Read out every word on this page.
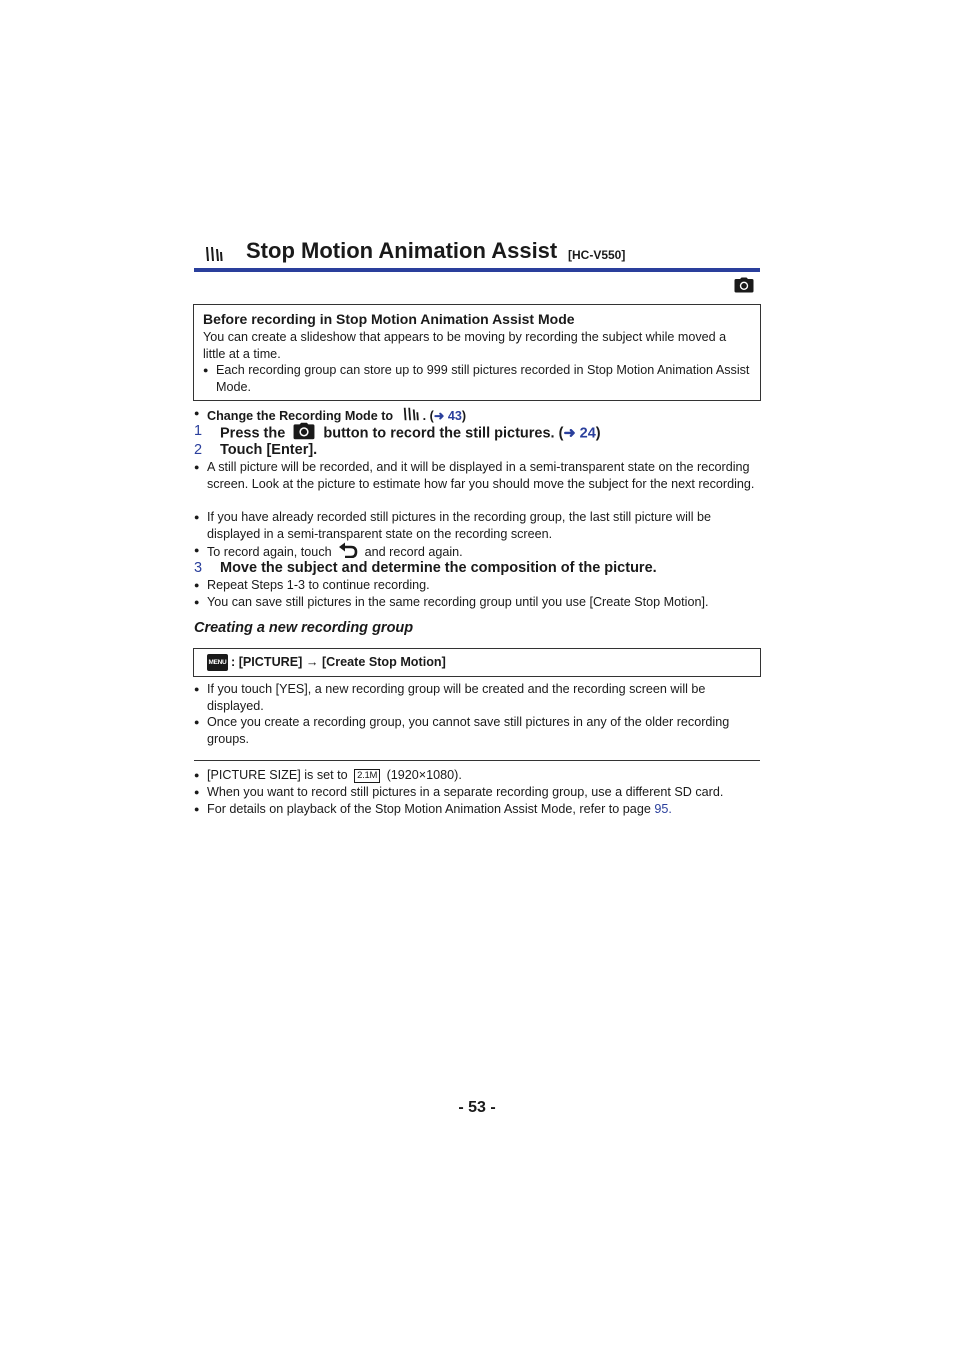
Stop Motion Animation Assist [HC-V550]
Before recording in Stop Motion Animation Assist Mode
You can create a slideshow that appears to be moving by recording the subject while moved a little at a time.
● Each recording group can store up to 999 still pictures recorded in Stop Motion Animation Assist Mode.
● Change the Recording Mode to . (➜ 43)
1 Press the	button to record the still pictures. (➜ 24)
2 Touch [Enter].
● A still picture will be recorded, and it will be displayed in a semi-transparent state on the recording screen. Look at the picture to estimate how far you should move the subject for the next recording.
● If you have already recorded still pictures in the recording group, the last still picture will be displayed in a semi-transparent state on the recording screen.
● To record again, touch	and record again.
3 Move the subject and determine the composition of the picture.
● Repeat Steps 1-3 to continue recording.
● You can save still pictures in the same recording group until you use [Create Stop Motion].
Creating a new recording group
MENU : [PICTURE] → [Create Stop Motion]
● If you touch [YES], a new recording group will be created and the recording screen will be displayed.
● Once you create a recording group, you cannot save still pictures in any of the older recording groups.
● [PICTURE SIZE] is set to 2.1M (1920×1080).
● When you want to record still pictures in a separate recording group, use a different SD card.
● For details on playback of the Stop Motion Animation Assist Mode, refer to page 95.
- 53 -
